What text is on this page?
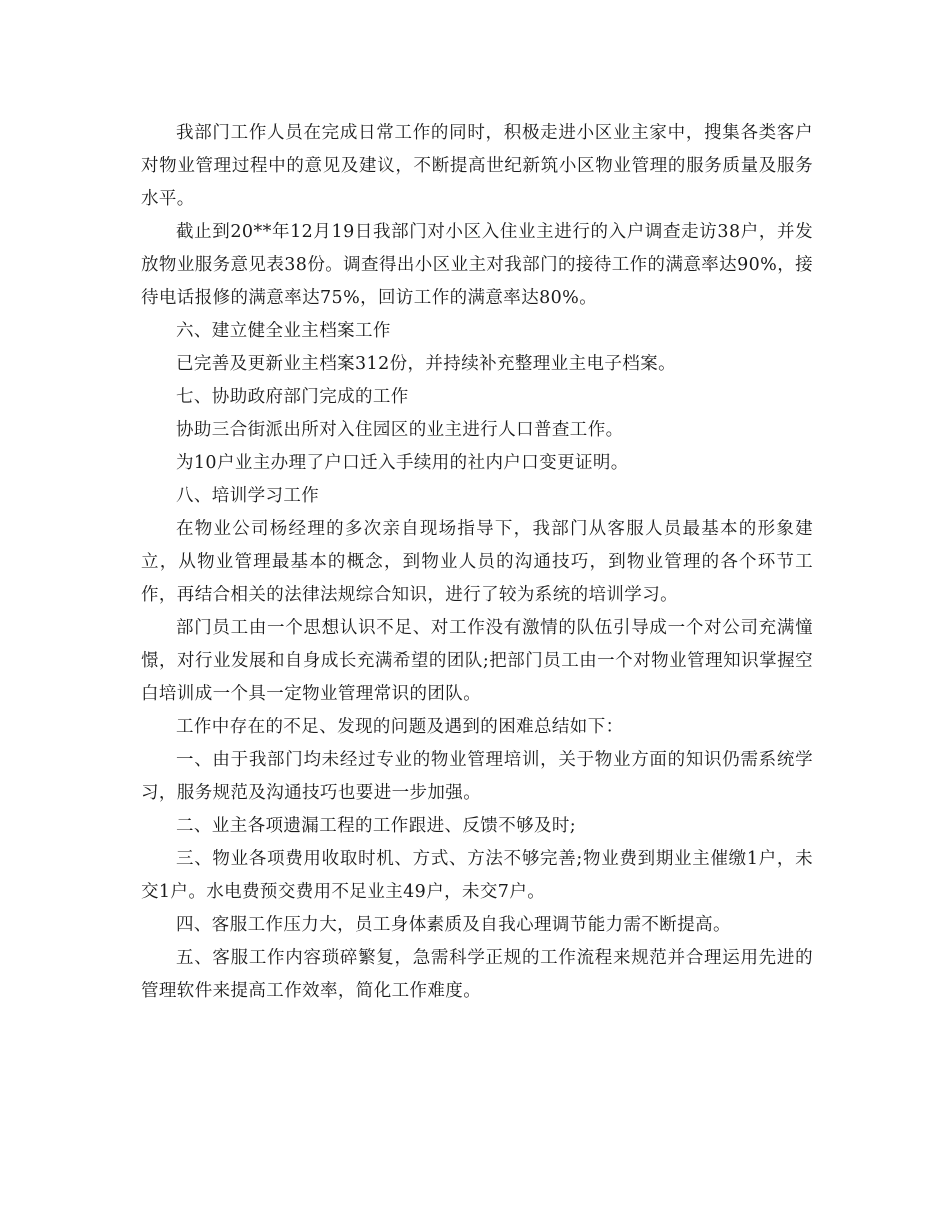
我部门工作人员在完成日常工作的同时，积极走进小区业主家中，搜集各类客户对物业管理过程中的意见及建议，不断提高世纪新筑小区物业管理的服务质量及服务水平。

截止到20**年12月19日我部门对小区入住业主进行的入户调查走访38户，并发放物业服务意见表38份。调查得出小区业主对我部门的接待工作的满意率达90%，接待电话报修的满意率达75%，回访工作的满意率达80%。

六、建立健全业主档案工作

已完善及更新业主档案312份，并持续补充整理业主电子档案。

七、协助政府部门完成的工作

协助三合街派出所对入住园区的业主进行人口普查工作。

为10户业主办理了户口迁入手续用的社内户口变更证明。

八、培训学习工作

在物业公司杨经理的多次亲自现场指导下，我部门从客服人员最基本的形象建立，从物业管理最基本的概念，到物业人员的沟通技巧，到物业管理的各个环节工作，再结合相关的法律法规综合知识，进行了较为系统的培训学习。

部门员工由一个思想认识不足、对工作没有激情的队伍引导成一个对公司充满憧憬，对行业发展和自身成长充满希望的团队;把部门员工由一个对物业管理知识掌握空白培训成一个具一定物业管理常识的团队。

工作中存在的不足、发现的问题及遇到的困难总结如下：

一、由于我部门均未经过专业的物业管理培训，关于物业方面的知识仍需系统学习，服务规范及沟通技巧也要进一步加强。

二、业主各项遗漏工程的工作跟进、反馈不够及时;

三、物业各项费用收取时机、方式、方法不够完善;物业费到期业主催缴1户，未交1户。水电费预交费用不足业主49户，未交7户。

四、客服工作压力大，员工身体素质及自我心理调节能力需不断提高。

五、客服工作内容琐碎繁复，急需科学正规的工作流程来规范并合理运用先进的管理软件来提高工作效率，简化工作难度。
